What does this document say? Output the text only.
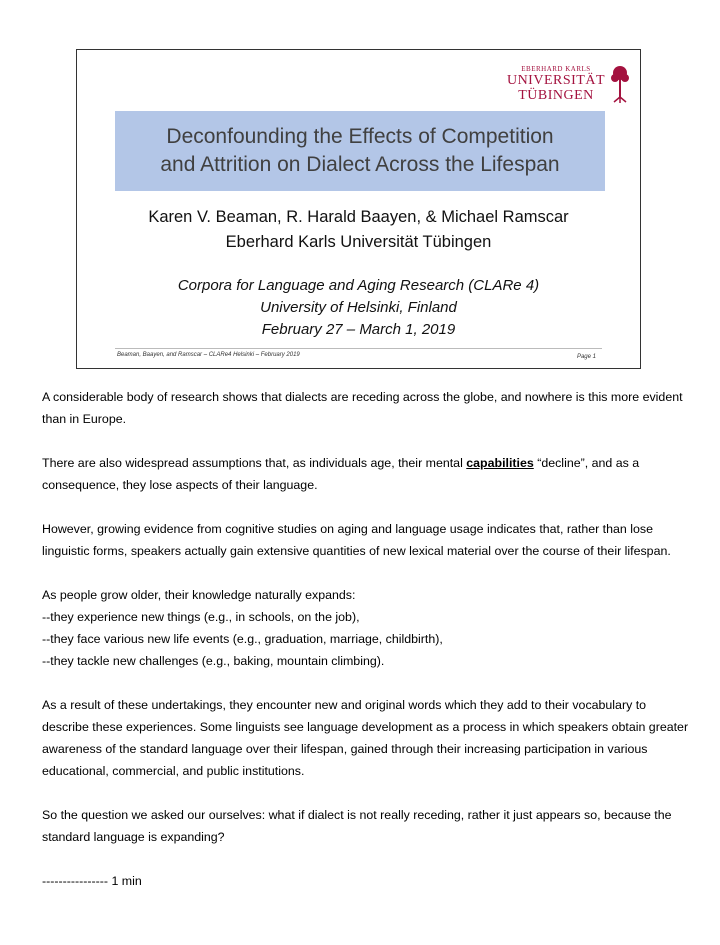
EBERHARD KARLS
UNIVERSITÄT
TÜBINGEN
Deconfounding the Effects of Competition
and Attrition on Dialect Across the Lifespan
Karen V. Beaman, R. Harald Baayen, & Michael Ramscar
Eberhard Karls Universität Tübingen
Corpora for Language and Aging Research (CLARe 4)
University of Helsinki, Finland
February 27 – March 1, 2019
Beaman, Baayen, and Ramscar – CLARe4 Helsinki – February 2019	Page 1

A considerable body of research shows that dialects are receding across the globe, and nowhere is this more evident than in Europe.

There are also widespread assumptions that, as individuals age, their mental capabilities “decline”, and as a consequence, they lose aspects of their language.

However, growing evidence from cognitive studies on aging and language usage indicates that, rather than lose linguistic forms, speakers actually gain extensive quantities of new lexical material over the course of their lifespan.

As people grow older, their knowledge naturally expands:
--they experience new things (e.g., in schools, on the job),
--they face various new life events (e.g., graduation, marriage, childbirth),
--they tackle new challenges (e.g., baking, mountain climbing).

As a result of these undertakings, they encounter new and original words which they add to their vocabulary to describe these experiences. Some linguists see language development as a process in which speakers obtain greater awareness of the standard language over their lifespan, gained through their increasing participation in various educational, commercial, and public institutions.

So the question we asked our ourselves: what if dialect is not really receding, rather it just appears so, because the standard language is expanding?

---------------- 1 min
